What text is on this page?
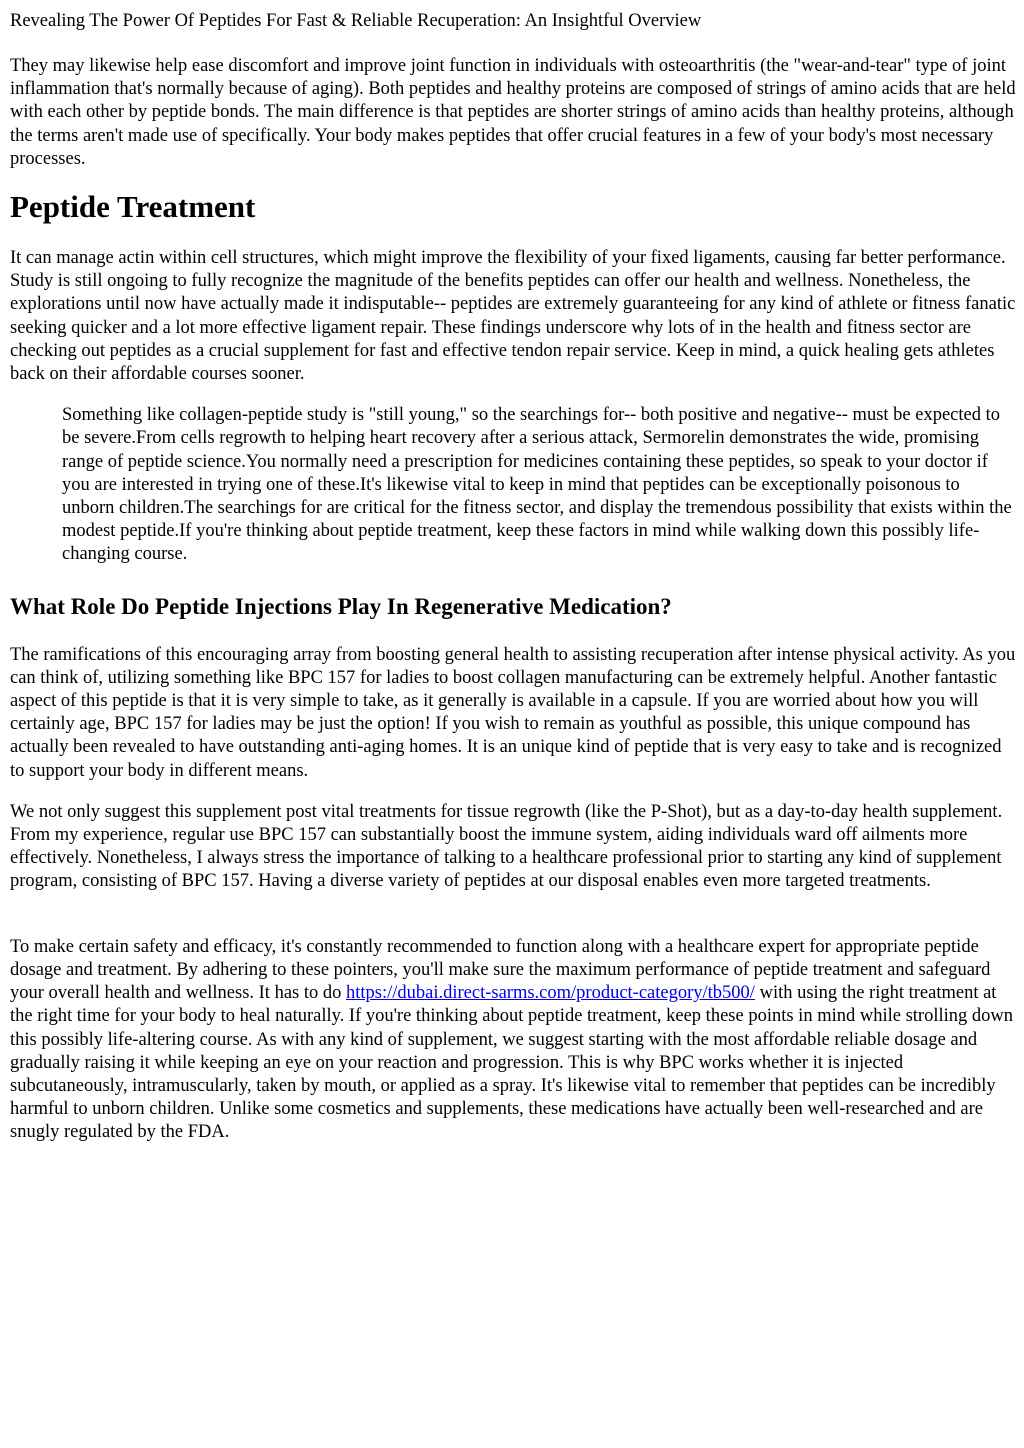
Revealing The Power Of Peptides For Fast & Reliable Recuperation: An Insightful Overview

They may likewise help ease discomfort and improve joint function in individuals with osteoarthritis (the "wear-and-tear" type of joint inflammation that's normally because of aging). Both peptides and healthy proteins are composed of strings of amino acids that are held with each other by peptide bonds. The main difference is that peptides are shorter strings of amino acids than healthy proteins, although the terms aren't made use of specifically. Your body makes peptides that offer crucial features in a few of your body's most necessary processes.

Peptide Treatment

It can manage actin within cell structures, which might improve the flexibility of your fixed ligaments, causing far better performance. Study is still ongoing to fully recognize the magnitude of the benefits peptides can offer our health and wellness. Nonetheless, the explorations until now have actually made it indisputable-- peptides are extremely guaranteeing for any kind of athlete or fitness fanatic seeking quicker and a lot more effective ligament repair. These findings underscore why lots of in the health and fitness sector are checking out peptides as a crucial supplement for fast and effective tendon repair service. Keep in mind, a quick healing gets athletes back on their affordable courses sooner.

Something like collagen-peptide study is "still young," so the searchings for-- both positive and negative-- must be expected to be severe.From cells regrowth to helping heart recovery after a serious attack, Sermorelin demonstrates the wide, promising range of peptide science.You normally need a prescription for medicines containing these peptides, so speak to your doctor if you are interested in trying one of these.It's likewise vital to keep in mind that peptides can be exceptionally poisonous to unborn children.The searchings for are critical for the fitness sector, and display the tremendous possibility that exists within the modest peptide.If you're thinking about peptide treatment, keep these factors in mind while walking down this possibly life-changing course.

What Role Do Peptide Injections Play In Regenerative Medication?

The ramifications of this encouraging array from boosting general health to assisting recuperation after intense physical activity. As you can think of, utilizing something like BPC 157 for ladies to boost collagen manufacturing can be extremely helpful. Another fantastic aspect of this peptide is that it is very simple to take, as it generally is available in a capsule. If you are worried about how you will certainly age, BPC 157 for ladies may be just the option! If you wish to remain as youthful as possible, this unique compound has actually been revealed to have outstanding anti-aging homes. It is an unique kind of peptide that is very easy to take and is recognized to support your body in different means.

We not only suggest this supplement post vital treatments for tissue regrowth (like the P-Shot), but as a day-to-day health supplement. From my experience, regular use BPC 157 can substantially boost the immune system, aiding individuals ward off ailments more effectively. Nonetheless, I always stress the importance of talking to a healthcare professional prior to starting any kind of supplement program, consisting of BPC 157. Having a diverse variety of peptides at our disposal enables even more targeted treatments.

To make certain safety and efficacy, it's constantly recommended to function along with a healthcare expert for appropriate peptide dosage and treatment. By adhering to these pointers, you'll make sure the maximum performance of peptide treatment and safeguard your overall health and wellness. It has to do https://dubai.direct-sarms.com/product-category/tb500/ with using the right treatment at the right time for your body to heal naturally. If you're thinking about peptide treatment, keep these points in mind while strolling down this possibly life-altering course. As with any kind of supplement, we suggest starting with the most affordable reliable dosage and gradually raising it while keeping an eye on your reaction and progression. This is why BPC works whether it is injected subcutaneously, intramuscularly, taken by mouth, or applied as a spray. It's likewise vital to remember that peptides can be incredibly harmful to unborn children. Unlike some cosmetics and supplements, these medications have actually been well-researched and are snugly regulated by the FDA.
